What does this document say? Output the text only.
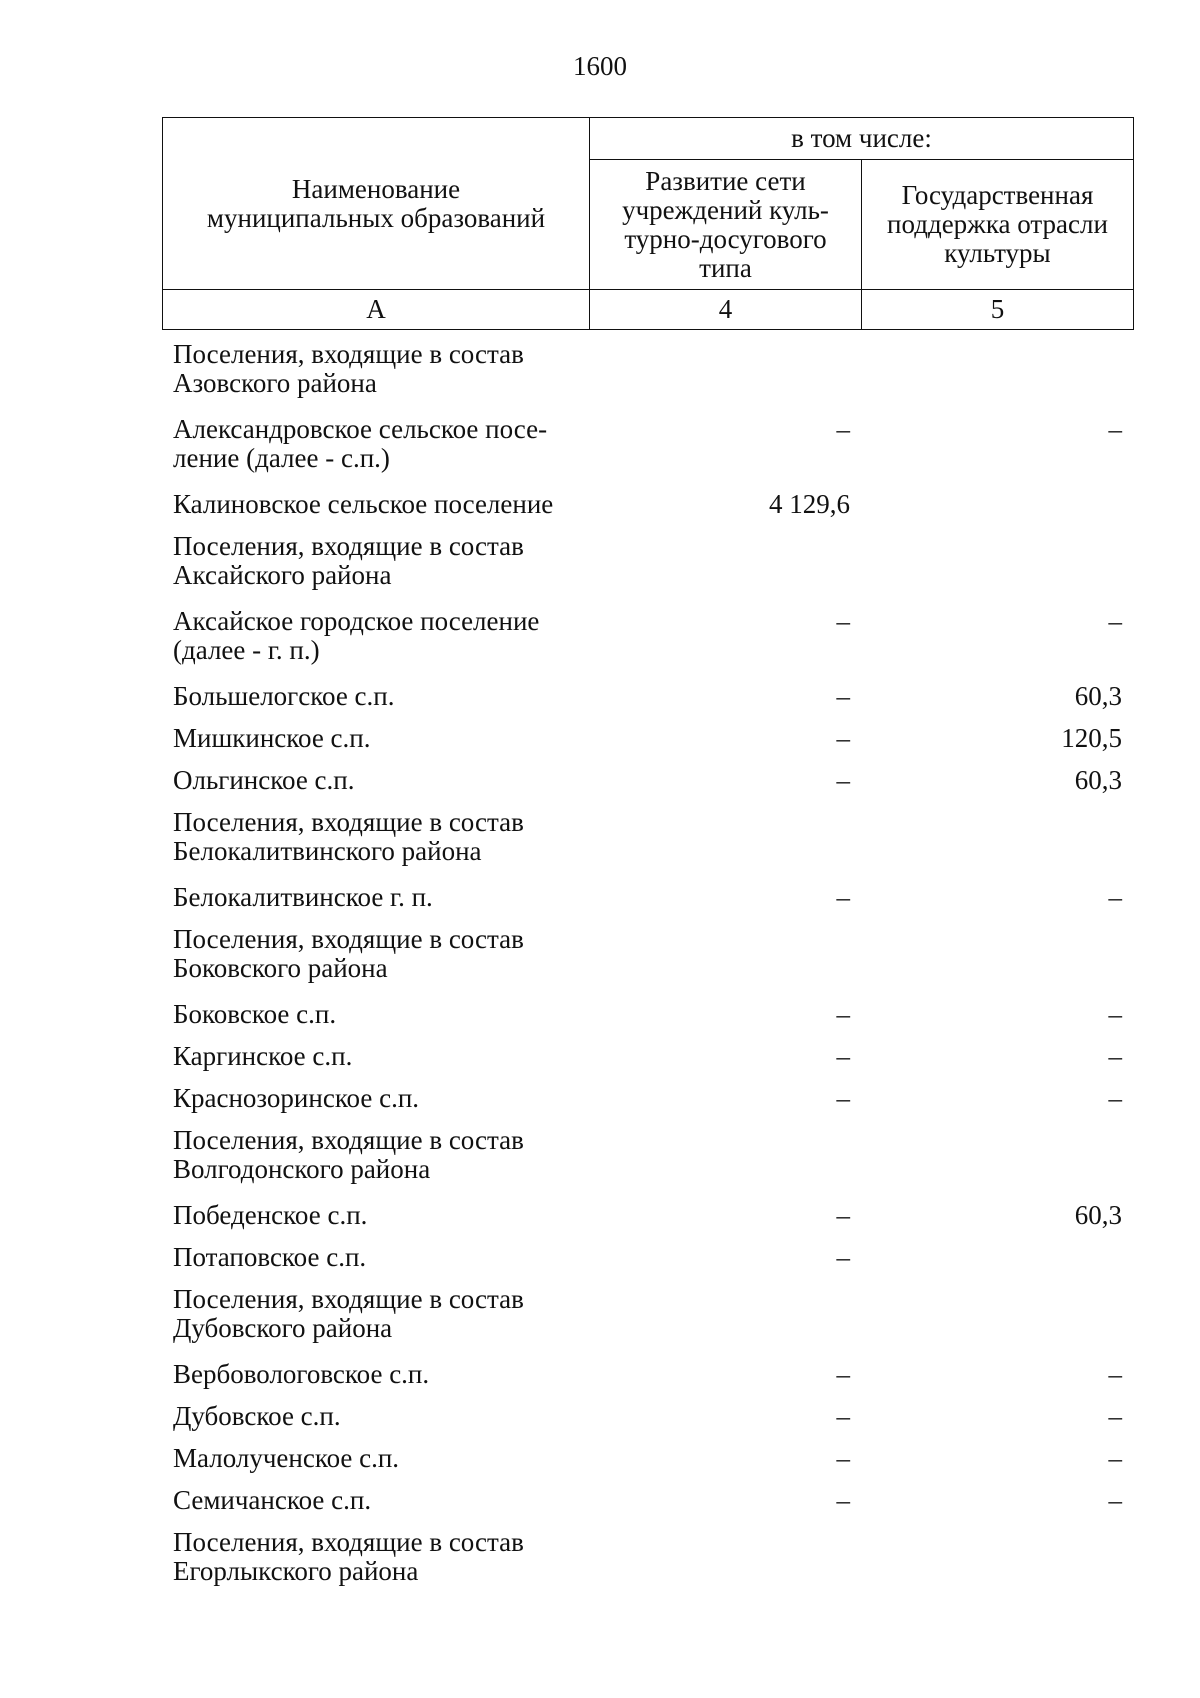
1600
Наименование муниципальных образований	в том числе:	
	Развитие сети учреждений куль-турно-досугового типа	Государственная поддержка отрасли культуры
А	4	5
Поселения, входящие в состав Азовского района		
Александровское сельское посе-ление (далее - с.п.)	–	–
Калиновское сельское поселение	4 129,6	
Поселения, входящие в состав Аксайского района		
Аксайское городское поселение (далее - г. п.)	–	–
Большелогское с.п.	–	60,3
Мишкинское с.п.	–	120,5
Ольгинское с.п.	–	60,3
Поселения, входящие в состав Белокалитвинского района		
Белокалитвинское г. п.	–	–
Поселения, входящие в состав Боковского района		
Боковское с.п.	–	–
Каргинское с.п.	–	–
Краснозоринское с.п.	–	–
Поселения, входящие в состав Волгодонского района		
Победенское с.п.	–	60,3
Потаповское с.п.	–	
Поселения, входящие в состав Дубовского района		
Вербовологовское с.п.	–	–
Дубовское с.п.	–	–
Малолученское с.п.	–	–
Семичанское с.п.	–	–
Поселения, входящие в состав Егорлыкского района		
